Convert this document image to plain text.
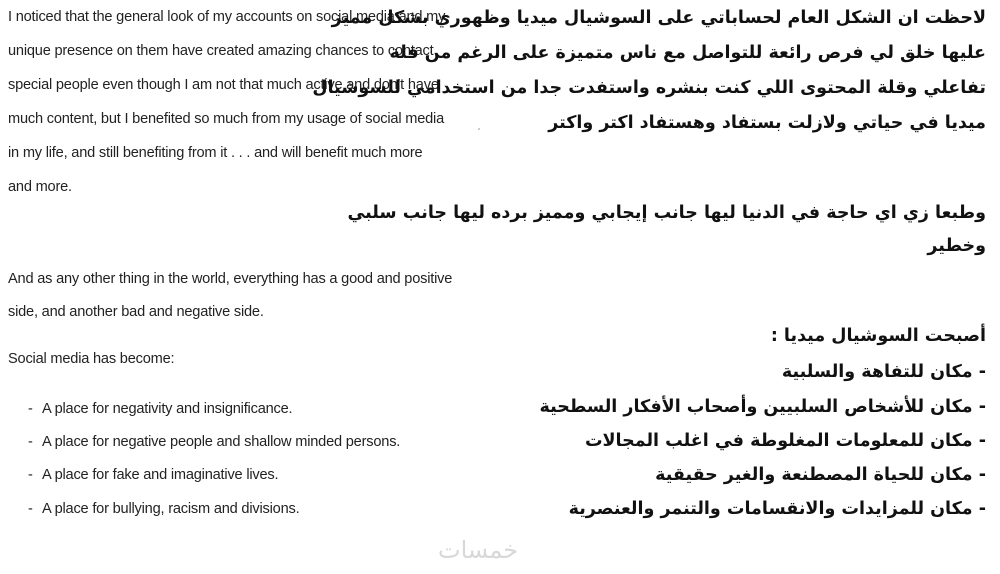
I noticed that the general look of my accounts on social media and my
unique presence on them have created amazing chances to contact
special people even though I am not that much active and don't have
much content, but I benefited so much from my usage of social media
in my life, and still benefiting from it . . . and will benefit much more
and more.
And as any other thing in the world, everything has a good and positive
side, and another bad and negative side.
Social media has become:
- A place for negativity and insignificance.
- A place for negative people and shallow minded persons.
- A place for fake and imaginative lives.
- A place for bullying, racism and divisions.
لاحظت ان الشكل العام لحساباتي على السوشيال ميديا وظهوري بشكل مميز
عليها خلق لي فرص رائعة للتواصل مع ناس متميزة على الرغم من قلة
تفاعلي وقلة المحتوى اللي كنت بنشره واستفدت جدا من استخدامي للسوشيال
ميديا في حياتي ولازلت بستفاد وهستفاد اكتر واكتر
وطبعا زي اي حاجة في الدنيا ليها جانب إيجابي ومميز برده ليها جانب سلبي
وخطير
أصبحت السوشيال ميديا :
- مكان للتفاهة والسلبية
- مكان للأشخاص السلبيين وأصحاب الأفكار السطحية
- مكان للمعلومات المغلوطة في اغلب المجالات
- مكان للحياة المصطنعة والغير حقيقية
- مكان للمزايدات والانقسامات والتنمر والعنصرية
خمسات
